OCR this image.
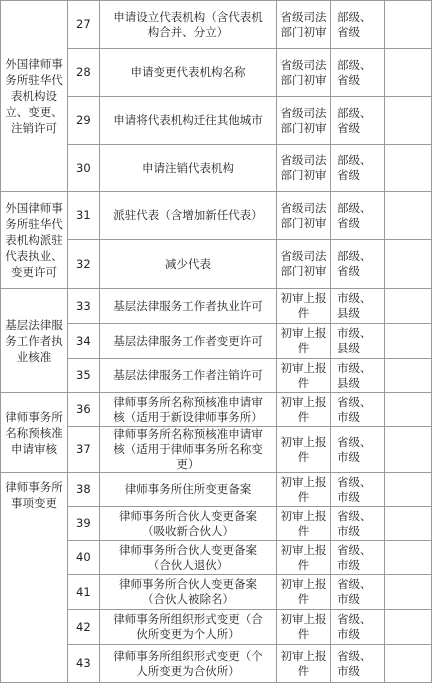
外国律师事务所驻华代表机构设立、变更、注销许可	27	申请设立代表机构（含代表机构合并、分立）	省级司法部门初审	部级、省级	
	28	申请变更代表机构名称	省级司法部门初审	部级、省级	
	29	申请将代表机构迁往其他城市	省级司法部门初审	部级、省级	
	30	申请注销代表机构	省级司法部门初审	部级、省级	
外国律师事务所驻华代表机构派驻代表执业、变更许可	31	派驻代表（含增加新任代表）	省级司法部门初审	部级、省级	
	32	减少代表	省级司法部门初审	部级、省级	
基层法律服务工作者执业核准	33	基层法律服务工作者执业许可	初审上报件	市级、县级	
	34	基层法律服务工作者变更许可	初审上报件	市级、县级	
	35	基层法律服务工作者注销许可	初审上报件	市级、县级	
律师事务所名称预核准申请审核	36	律师事务所名称预核准申请审核（适用于新设律师事务所）	初审上报件	省级、市级	
	37	律师事务所名称预核准申请审核（适用于律师事务所名称变更）	初审上报件	省级、市级	
律师事务所事项变更	38	律师事务所住所变更备案	初审上报件	省级、市级	
	39	律师事务所合伙人变更备案（吸收新合伙人）	初审上报件	省级、市级	
	40	律师事务所合伙人变更备案（合伙人退伙）	初审上报件	省级、市级	
	41	律师事务所合伙人变更备案（合伙人被除名）	初审上报件	省级、市级	
	42	律师事务所组织形式变更（合伙所变更为个人所）	初审上报件	省级、市级	
	43	律师事务所组织形式变更（个人所变更为合伙所）	初审上报件	省级、市级	
